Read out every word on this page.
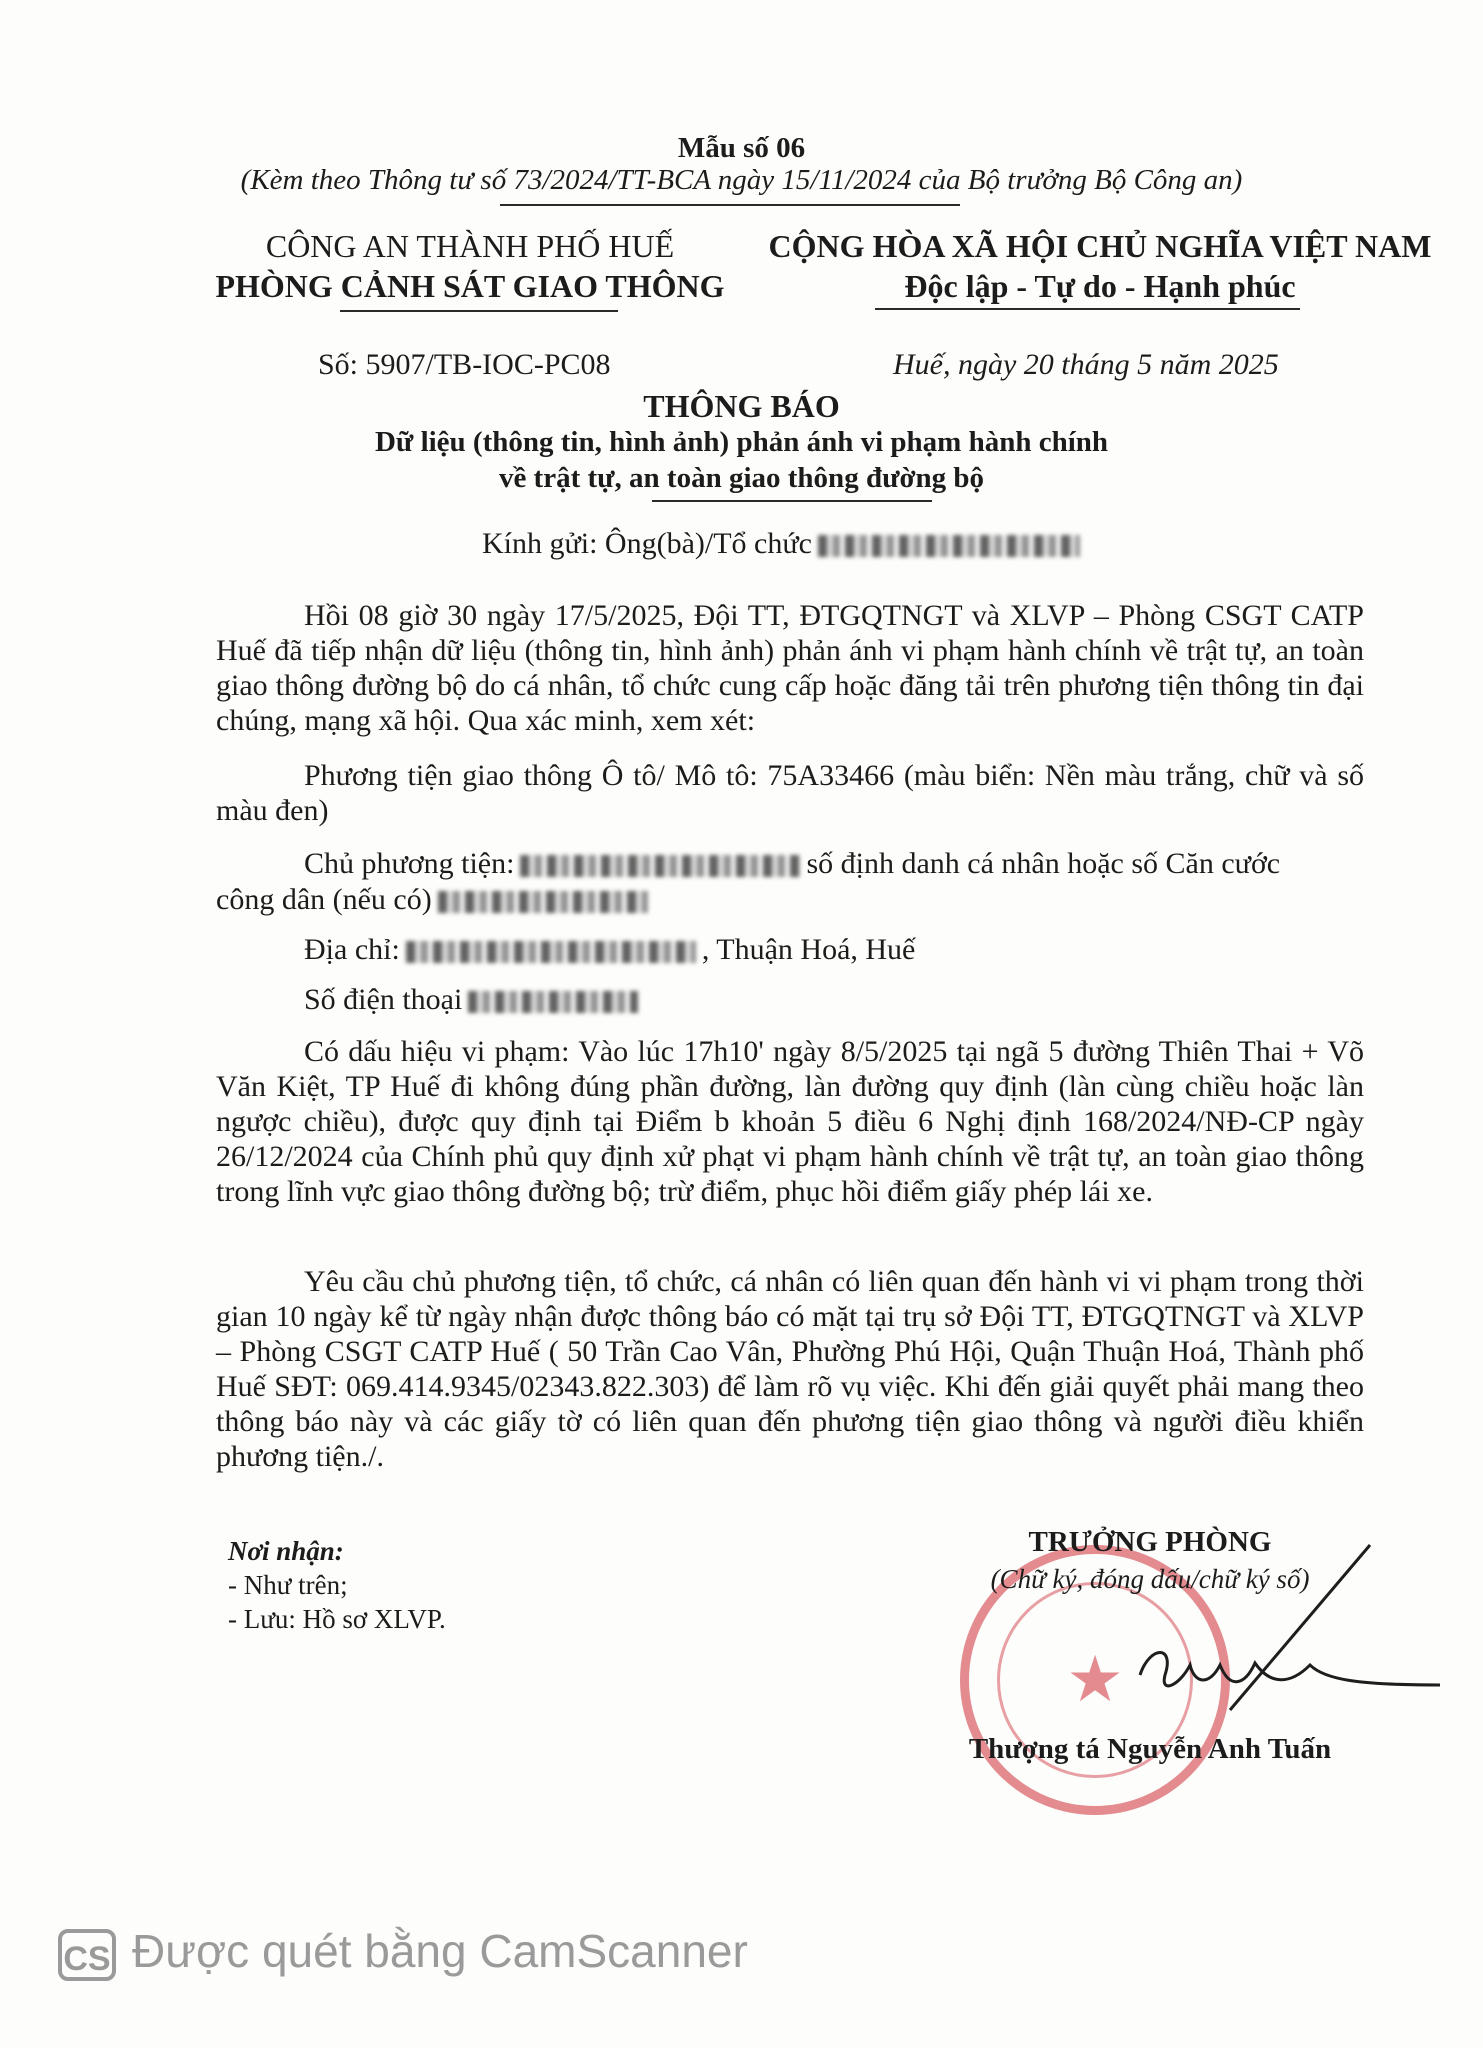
Mẫu số 06
(Kèm theo Thông tư số 73/2024/TT-BCA ngày 15/11/2024 của Bộ trưởng Bộ Công an)
CÔNG AN THÀNH PHỐ HUẾ
PHÒNG CẢNH SÁT GIAO THÔNG
CỘNG HÒA XÃ HỘI CHỦ NGHĨA VIỆT NAM
Độc lập - Tự do - Hạnh phúc
Số: 5907/TB-IOC-PC08	Huế, ngày 20 tháng 5 năm 2025
THÔNG BÁO
Dữ liệu (thông tin, hình ảnh) phản ánh vi phạm hành chính
về trật tự, an toàn giao thông đường bộ
Kính gửi: Ông(bà)/Tổ chức
Hồi 08 giờ 30 ngày 17/5/2025, Đội TT, ĐTGQTNGT và XLVP – Phòng CSGT CATP Huế đã tiếp nhận dữ liệu (thông tin, hình ảnh) phản ánh vi phạm hành chính về trật tự, an toàn giao thông đường bộ do cá nhân, tổ chức cung cấp hoặc đăng tải trên phương tiện thông tin đại chúng, mạng xã hội. Qua xác minh, xem xét:
Phương tiện giao thông Ô tô/ Mô tô: 75A33466 (màu biển: Nền màu trắng, chữ và số màu đen)
Chủ phương tiện:	số định danh cá nhân hoặc số Căn cước
công dân (nếu có)
Địa chỉ:	, Thuận Hoá, Huế
Số điện thoại
Có dấu hiệu vi phạm: Vào lúc 17h10' ngày 8/5/2025 tại ngã 5 đường Thiên Thai + Võ Văn Kiệt, TP Huế đi không đúng phần đường, làn đường quy định (làn cùng chiều hoặc làn ngược chiều), được quy định tại Điểm b khoản 5 điều 6 Nghị định 168/2024/NĐ-CP ngày 26/12/2024 của Chính phủ quy định xử phạt vi phạm hành chính về trật tự, an toàn giao thông trong lĩnh vực giao thông đường bộ; trừ điểm, phục hồi điểm giấy phép lái xe.
Yêu cầu chủ phương tiện, tổ chức, cá nhân có liên quan đến hành vi vi phạm trong thời gian 10 ngày kể từ ngày nhận được thông báo có mặt tại trụ sở Đội TT, ĐTGQTNGT và XLVP – Phòng CSGT CATP Huế ( 50 Trần Cao Vân, Phường Phú Hội, Quận Thuận Hoá, Thành phố Huế SĐT: 069.414.9345/02343.822.303) để làm rõ vụ việc. Khi đến giải quyết phải mang theo thông báo này và các giấy tờ có liên quan đến phương tiện giao thông và người điều khiển phương tiện./.
Nơi nhận:
- Như trên;
- Lưu: Hồ sơ XLVP.
★
TRƯỞNG PHÒNG
(Chữ ký, đóng dấu/chữ ký số)
Thượng tá Nguyễn Anh Tuấn
CS Được quét bằng CamScanner
